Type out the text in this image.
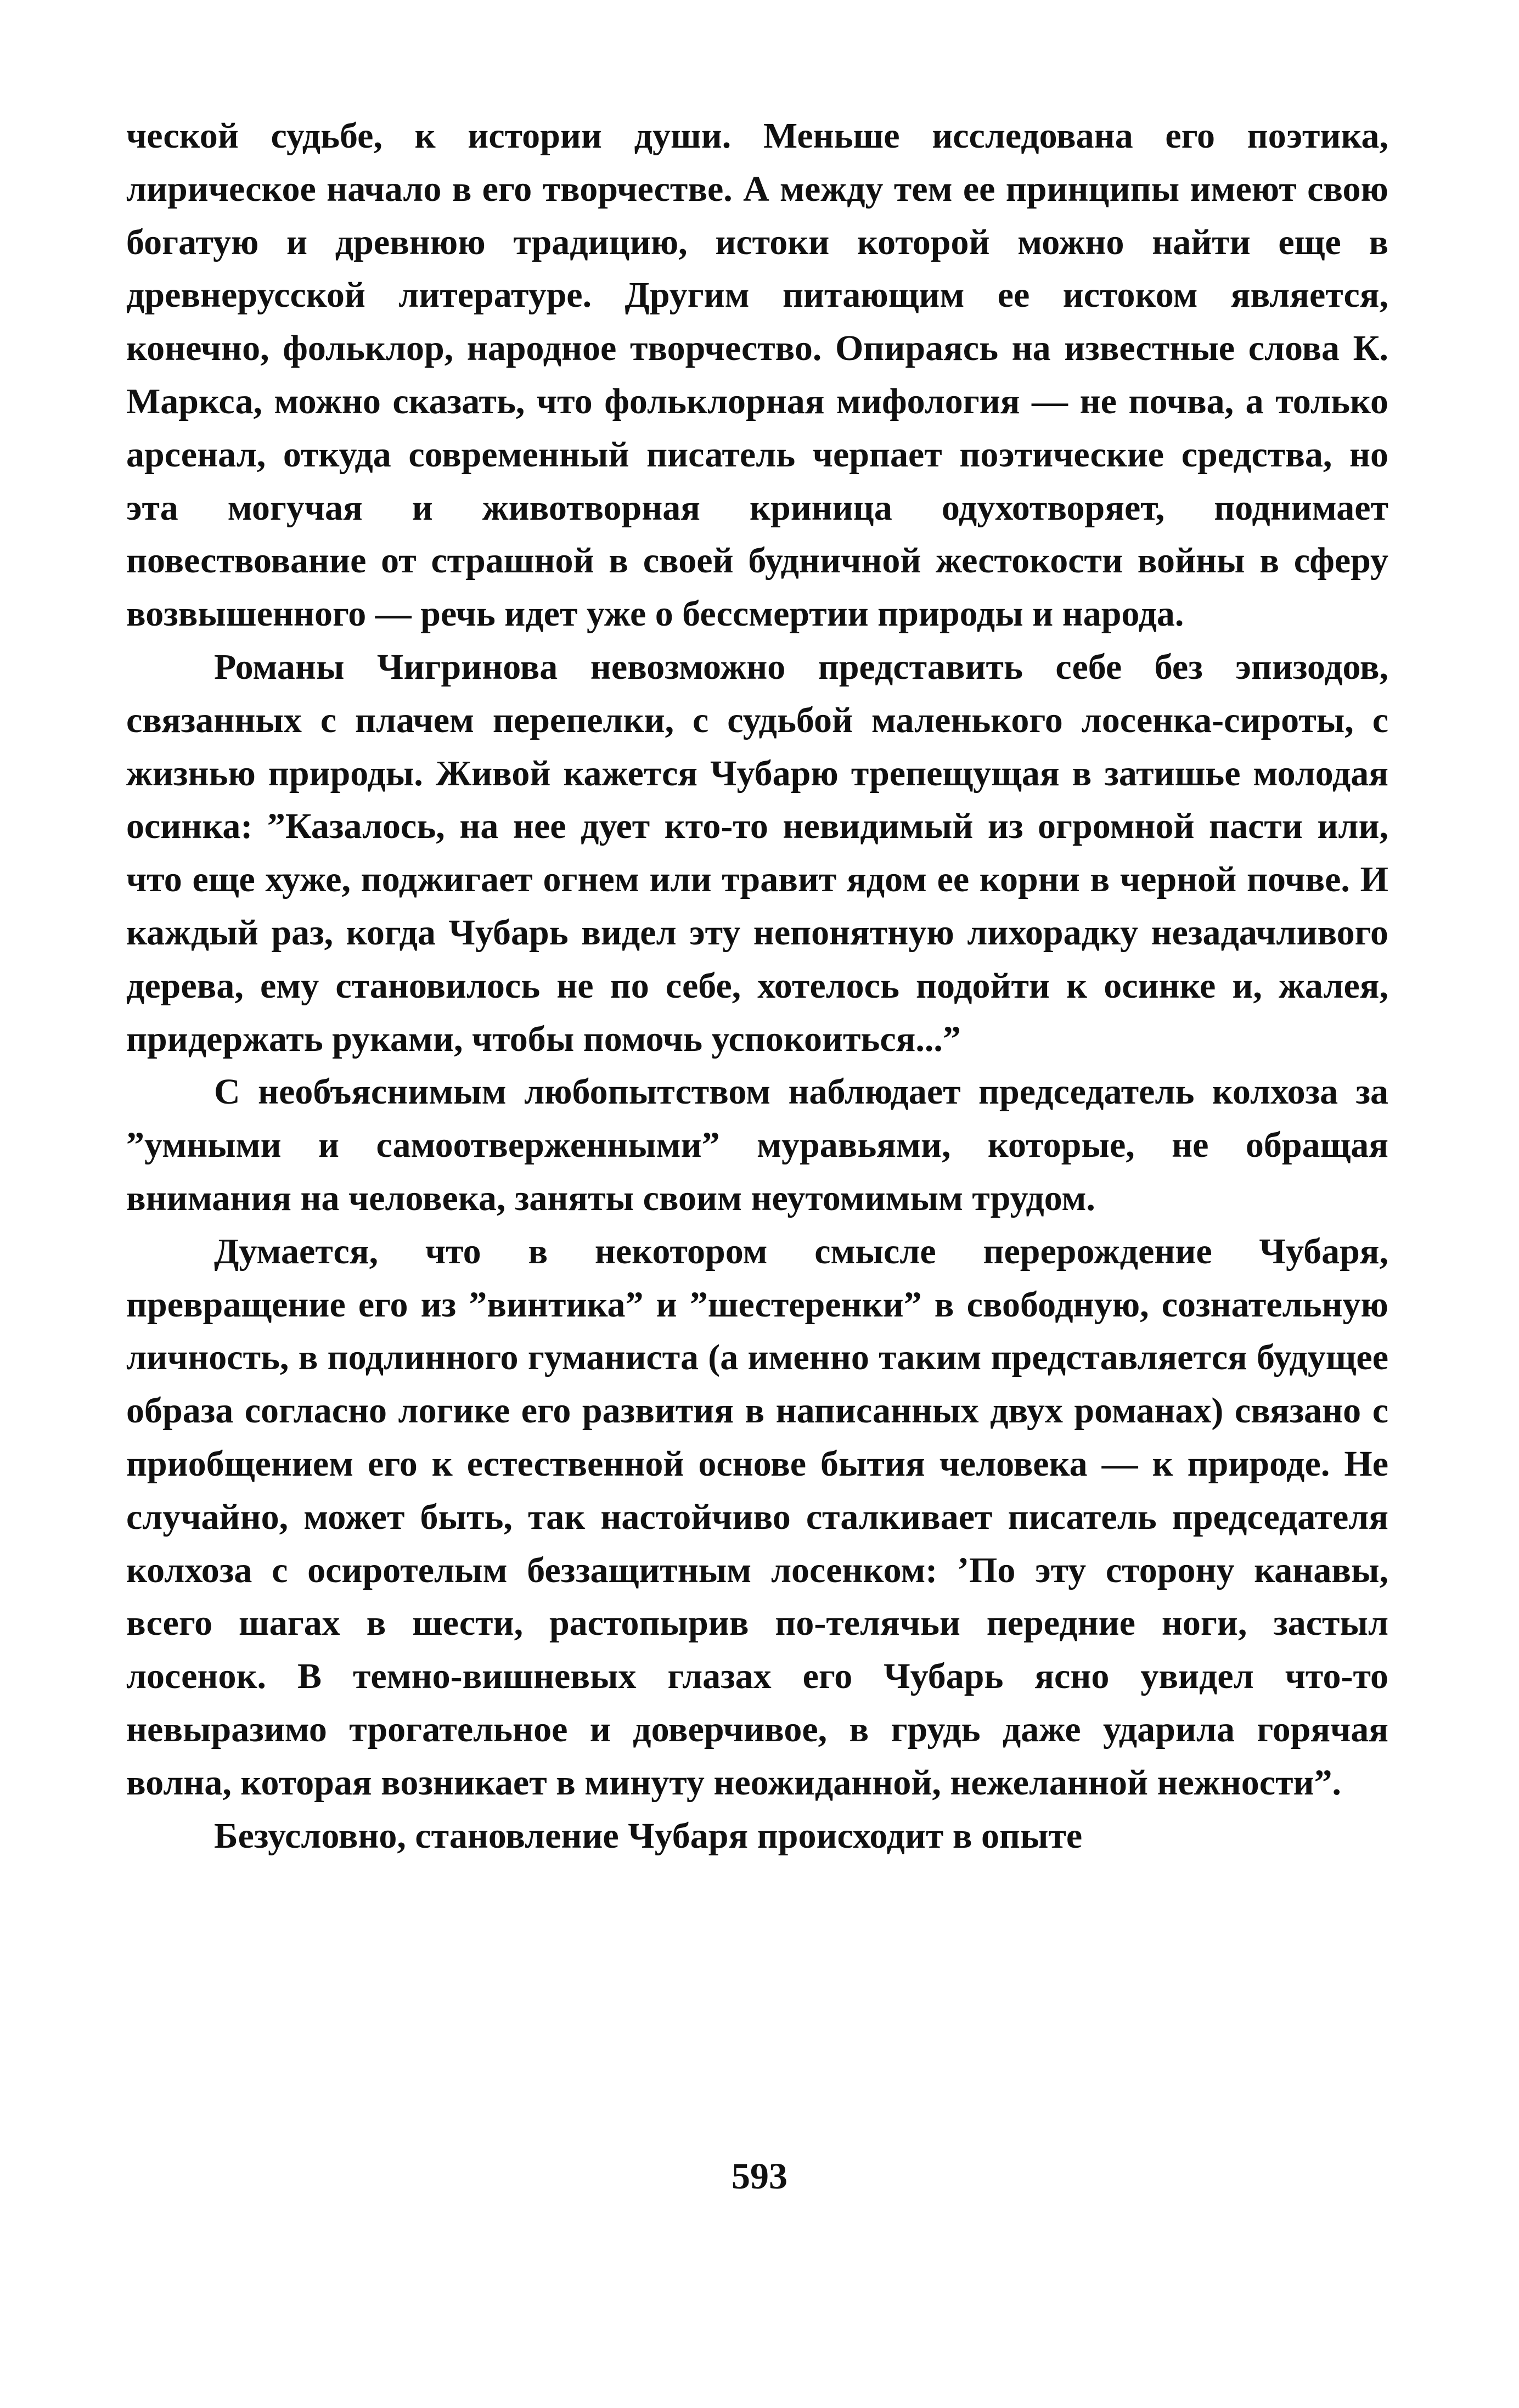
ческой судьбе, к истории души. Меньше исследована его поэтика, лирическое начало в его творчестве. А между тем ее принципы имеют свою богатую и древнюю традицию, истоки которой можно найти еще в древнерусской литературе. Другим питающим ее истоком является, конечно, фольклор, народное творчество. Опираясь на известные слова К. Маркса, можно сказать, что фольклорная мифология — не почва, а только арсенал, откуда современный писатель черпает поэтические средства, но эта могучая и животворная криница одухотворяет, поднимает повествование от страшной в своей будничной жестокости войны в сферу возвышенного — речь идет уже о бессмертии природы и народа.

Романы Чигринова невозможно представить себе без эпизодов, связанных с плачем перепелки, с судьбой маленького лосенка-сироты, с жизнью природы. Живой кажется Чубарю трепещущая в затишье молодая осинка: ”Казалось, на нее дует кто-то невидимый из огромной пасти или, что еще хуже, поджигает огнем или травит ядом ее корни в черной почве. И каждый раз, когда Чубарь видел эту непонятную лихорадку незадачливого дерева, ему становилось не по себе, хотелось подойти к осинке и, жалея, придержать руками, чтобы помочь успокоиться...”

С необъяснимым любопытством наблюдает председатель колхоза за ”умными и самоотверженными” муравьями, которые, не обращая внимания на человека, заняты своим неутомимым трудом.

Думается, что в некотором смысле перерождение Чубаря, превращение его из ”винтика” и ”шестеренки” в свободную, сознательную личность, в подлинного гуманиста (а именно таким представляется будущее образа согласно логике его развития в написанных двух романах) связано с приобщением его к естественной основе бытия человека — к природе. Не случайно, может быть, так настойчиво сталкивает писатель председателя колхоза с осиротелым беззащитным лосенком: ’По эту сторону канавы, всего шагах в шести, растопырив по-телячьи передние ноги, застыл лосенок. В темно-вишневых глазах его Чубарь ясно увидел что-то невыразимо трогательное и доверчивое, в грудь даже ударила горячая волна, которая возникает в минуту неожиданной, нежеланной нежности”.

Безусловно, становление Чубаря происходит в опыте

593
